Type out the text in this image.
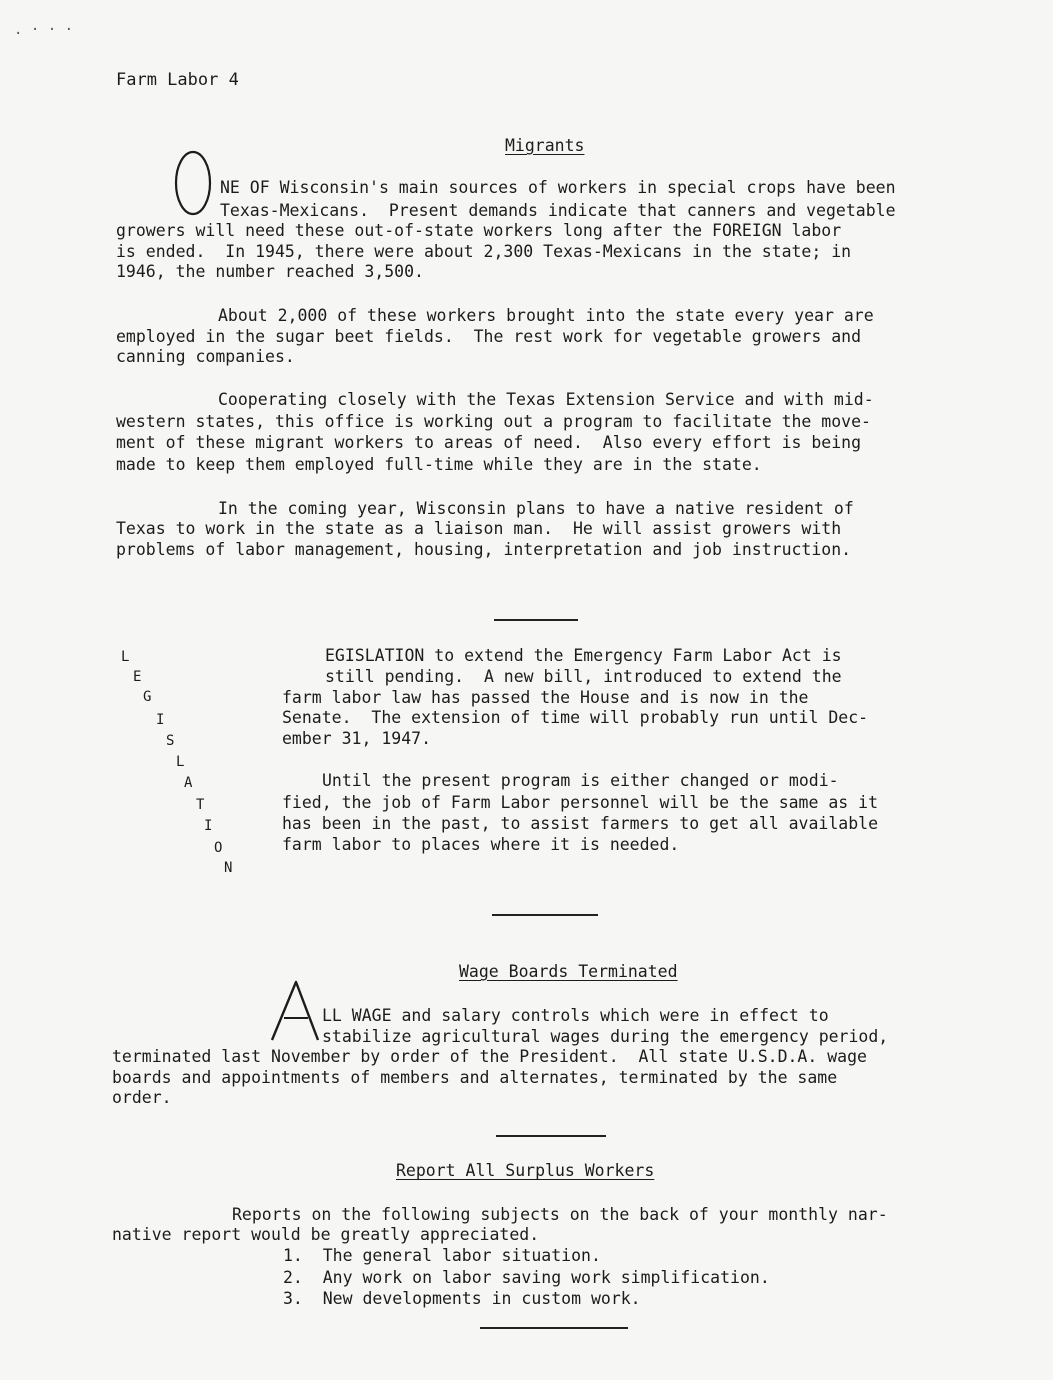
. · · ·
Farm Labor 4
Migrants
NE OF Wisconsin's main sources of workers in special crops have been
Texas-Mexicans.  Present demands indicate that canners and vegetable
growers will need these out-of-state workers long after the FOREIGN labor
is ended.  In 1945, there were about 2,300 Texas-Mexicans in the state; in
1946, the number reached 3,500.
About 2,000 of these workers brought into the state every year are
employed in the sugar beet fields.  The rest work for vegetable growers and
canning companies.
Cooperating closely with the Texas Extension Service and with mid-
western states, this office is working out a program to facilitate the move-
ment of these migrant workers to areas of need.  Also every effort is being
made to keep them employed full-time while they are in the state.
In the coming year, Wisconsin plans to have a native resident of
Texas to work in the state as a liaison man.  He will assist growers with
problems of labor management, housing, interpretation and job instruction.
L
E
G
I
S
L
A
T
I
O
N
EGISLATION to extend the Emergency Farm Labor Act is
still pending.  A new bill, introduced to extend the
farm labor law has passed the House and is now in the
Senate.  The extension of time will probably run until Dec-
ember 31, 1947.
Until the present program is either changed or modi-
fied, the job of Farm Labor personnel will be the same as it
has been in the past, to assist farmers to get all available
farm labor to places where it is needed.
Wage Boards Terminated
LL WAGE and salary controls which were in effect to
stabilize agricultural wages during the emergency period,
terminated last November by order of the President.  All state U.S.D.A. wage
boards and appointments of members and alternates, terminated by the same
order.
Report All Surplus Workers
Reports on the following subjects on the back of your monthly nar-
native report would be greatly appreciated.
1.  The general labor situation.
2.  Any work on labor saving work simplification.
3.  New developments in custom work.
